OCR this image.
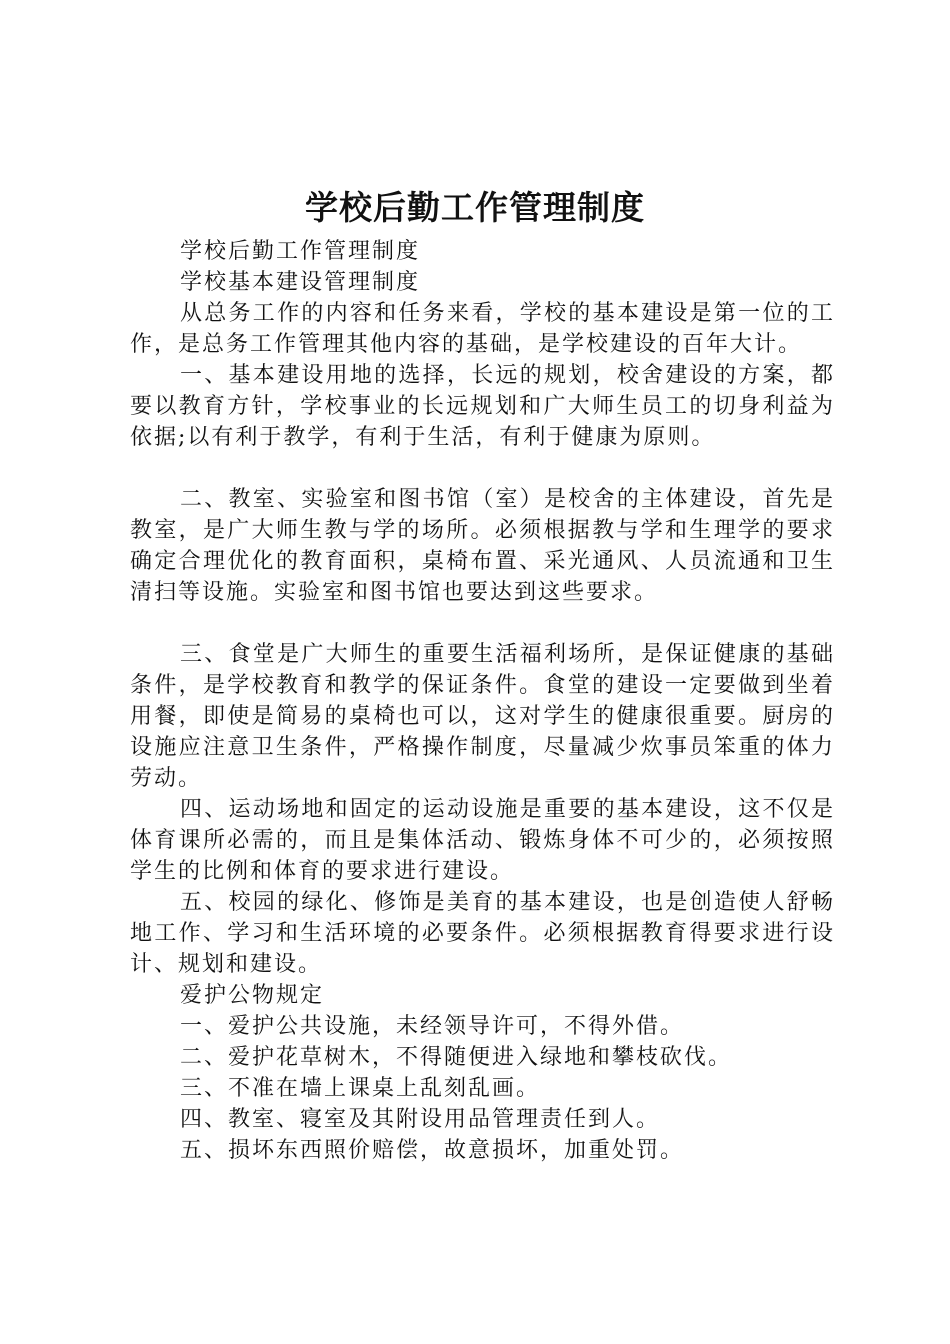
学校后勤工作管理制度

学校后勤工作管理制度

学校基本建设管理制度

从总务工作的内容和任务来看，学校的基本建设是第一位的工作，是总务工作管理其他内容的基础，是学校建设的百年大计。

一、基本建设用地的选择，长远的规划，校舍建设的方案，都要以教育方针，学校事业的长远规划和广大师生员工的切身利益为依据;以有利于教学，有利于生活，有利于健康为原则。

二、教室、实验室和图书馆（室）是校舍的主体建设，首先是教室，是广大师生教与学的场所。必须根据教与学和生理学的要求确定合理优化的教育面积，桌椅布置、采光通风、人员流通和卫生清扫等设施。实验室和图书馆也要达到这些要求。

三、食堂是广大师生的重要生活福利场所，是保证健康的基础条件，是学校教育和教学的保证条件。食堂的建设一定要做到坐着用餐，即使是简易的桌椅也可以，这对学生的健康很重要。厨房的设施应注意卫生条件，严格操作制度，尽量减少炊事员笨重的体力劳动。

四、运动场地和固定的运动设施是重要的基本建设，这不仅是体育课所必需的，而且是集体活动、锻炼身体不可少的，必须按照学生的比例和体育的要求进行建设。

五、校园的绿化、修饰是美育的基本建设，也是创造使人舒畅地工作、学习和生活环境的必要条件。必须根据教育得要求进行设计、规划和建设。

爱护公物规定

一、爱护公共设施，未经领导许可，不得外借。

二、爱护花草树木，不得随便进入绿地和攀枝砍伐。

三、不准在墙上课桌上乱刻乱画。

四、教室、寝室及其附设用品管理责任到人。

五、损坏东西照价赔偿，故意损坏，加重处罚。
